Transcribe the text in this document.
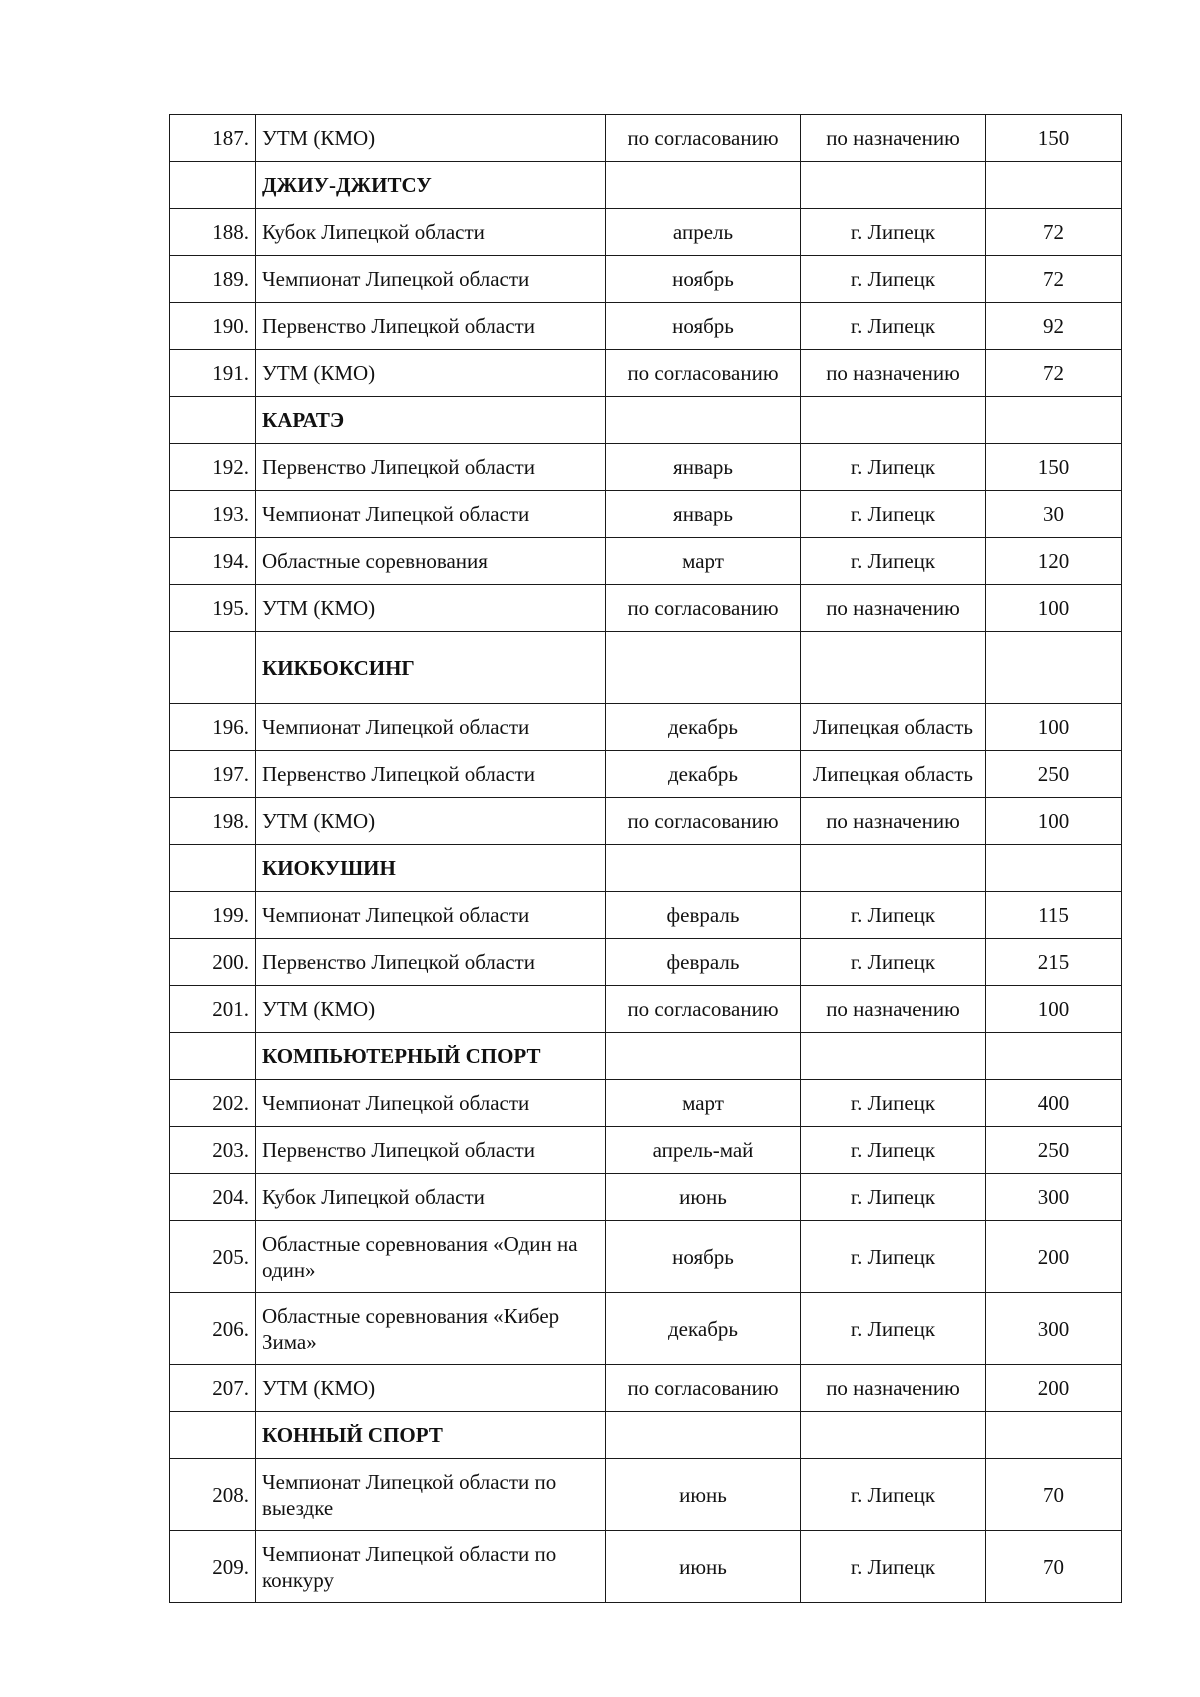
187.	УТМ (КМО)	по согласованию	по назначению	150
	ДЖИУ-ДЖИТСУ			
188.	Кубок Липецкой области	апрель	г. Липецк	72
189.	Чемпионат Липецкой области	ноябрь	г. Липецк	72
190.	Первенство Липецкой области	ноябрь	г. Липецк	92
191.	УТМ (КМО)	по согласованию	по назначению	72
	КАРАТЭ			
192.	Первенство Липецкой области	январь	г. Липецк	150
193.	Чемпионат Липецкой области	январь	г. Липецк	30
194.	Областные соревнования	март	г. Липецк	120
195.	УТМ (КМО)	по согласованию	по назначению	100
	КИКБОКСИНГ			
196.	Чемпионат Липецкой области	декабрь	Липецкая область	100
197.	Первенство Липецкой области	декабрь	Липецкая область	250
198.	УТМ (КМО)	по согласованию	по назначению	100
	КИОКУШИН			
199.	Чемпионат Липецкой области	февраль	г. Липецк	115
200.	Первенство Липецкой области	февраль	г. Липецк	215
201.	УТМ (КМО)	по согласованию	по назначению	100
	КОМПЬЮТЕРНЫЙ СПОРТ			
202.	Чемпионат Липецкой области	март	г. Липецк	400
203.	Первенство Липецкой области	апрель-май	г. Липецк	250
204.	Кубок Липецкой области	июнь	г. Липецк	300
205.	Областные соревнования «Один на один»	ноябрь	г. Липецк	200
206.	Областные соревнования «Кибер Зима»	декабрь	г. Липецк	300
207.	УТМ (КМО)	по согласованию	по назначению	200
	КОННЫЙ СПОРТ			
208.	Чемпионат Липецкой области по выездке	июнь	г. Липецк	70
209.	Чемпионат Липецкой области по конкуру	июнь	г. Липецк	70
